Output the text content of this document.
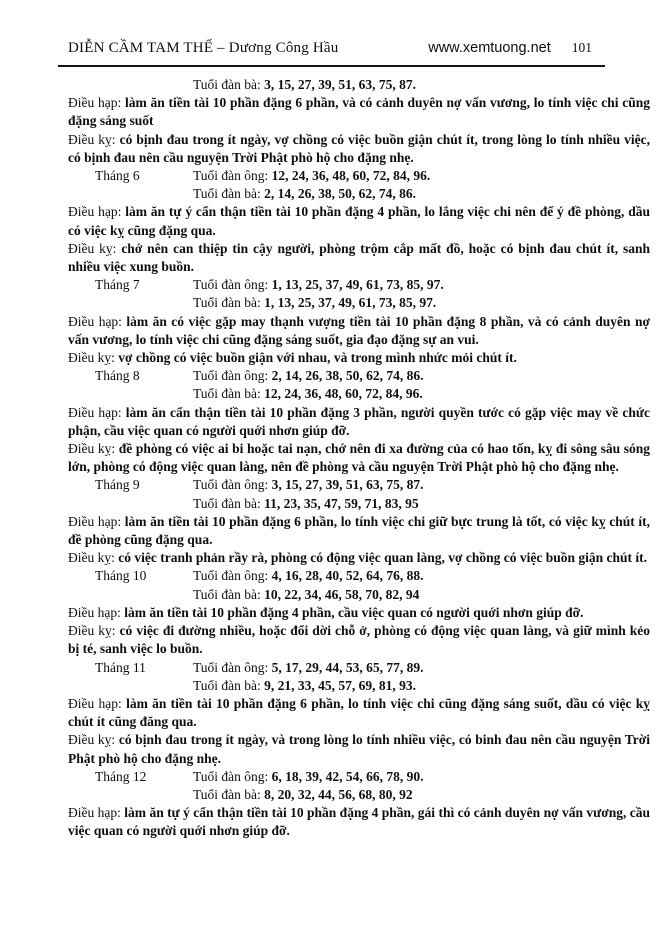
DIỄN CẦM TAM THẾ – Dương Công Hầu	www.xemtuong.net 101
Tuổi đàn bà: 3, 15, 27, 39, 51, 63, 75, 87.

Điều hạp: làm ăn tiền tài 10 phần đặng 6 phần, và có cảnh duyên nợ vấn vương, lo tính việc chi cũng đặng sáng suốt

Điều kỵ: có bịnh đau trong ít ngày, vợ chồng có việc buồn giận chút ít, trong lòng lo tính nhiều việc, có bịnh đau nên cầu nguyện Trời Phật phò hộ cho đặng nhẹ.

Tháng 6	Tuổi đàn ông: 12, 24, 36, 48, 60, 72, 84, 96.
Tuổi đàn bà: 2, 14, 26, 38, 50, 62, 74, 86.

Điều hạp: làm ăn tự ý cẩn thận tiền tài 10 phần đặng 4 phần, lo lắng việc chi nên để ý đề phòng, dầu có việc kỵ cũng đặng qua.

Điều kỵ: chớ nên can thiệp tin cậy người, phòng trộm cắp mất đồ, hoặc có bịnh đau chút ít, sanh nhiều việc xung buồn.

Tháng 7	Tuổi đàn ông: 1, 13, 25, 37, 49, 61, 73, 85, 97.
Tuổi đàn bà: 1, 13, 25, 37, 49, 61, 73, 85, 97.

Điều hạp: làm ăn có việc gặp may thạnh vượng tiền tài 10 phần đặng 8 phần, và có cảnh duyên nợ vấn vương, lo tính việc chi cũng đặng sáng suốt, gia đạo đặng sự an vui.

Điều kỵ: vợ chồng có việc buồn giận với nhau, và trong mình nhức mỏi chút ít.

Tháng 8	Tuổi đàn ông: 2, 14, 26, 38, 50, 62, 74, 86.
Tuổi đàn bà: 12, 24, 36, 48, 60, 72, 84, 96.

Điều hạp: làm ăn cẩn thận tiền tài 10 phần đặng 3 phần, người quyền tước có gặp việc may về chức phận, cầu việc quan có người quới nhơn giúp đỡ.

Điều kỵ: đề phòng có việc ai bi hoặc tai nạn, chớ nên đi xa đường của có hao tốn, kỵ đi sông sâu sóng lớn, phòng có động việc quan làng, nên đề phòng và cầu nguyện Trời Phật phò hộ cho đặng nhẹ.

Tháng 9	Tuổi đàn ông: 3, 15, 27, 39, 51, 63, 75, 87.
Tuổi đàn bà: 11, 23, 35, 47, 59, 71, 83, 95

Điều hạp: làm ăn tiền tài 10 phần đặng 6 phần, lo tính việc chi giữ bực trung là tốt, có việc kỵ chút ít, đề phòng cũng đặng qua.

Điều kỵ: có việc tranh phản rầy rà, phòng có động việc quan làng, vợ chồng có việc buồn giận chút ít.

Tháng 10	Tuổi đàn ông: 4, 16, 28, 40, 52, 64, 76, 88.
Tuổi đàn bà: 10, 22, 34, 46, 58, 70, 82, 94

Điều hạp: làm ăn tiền tài 10 phần đặng 4 phần, cầu việc quan có người quới nhơn giúp đỡ.

Điều kỵ: có việc đi đường nhiều, hoặc đổi dời chỗ ở, phòng có động việc quan làng, và giữ mình kẻo bị té, sanh việc lo buồn.

Tháng 11	Tuổi đàn ông: 5, 17, 29, 44, 53, 65, 77, 89.
Tuổi đàn bà: 9, 21, 33, 45, 57, 69, 81, 93.

Điều hạp: làm ăn tiền tài 10 phần đặng 6 phần, lo tính việc chi cũng đặng sáng suốt, dầu có việc kỵ chút ít cũng đăng qua.

Điều kỵ: có bịnh đau trong ít ngày, và trong lòng lo tính nhiều việc, có binh đau nên cầu nguyện Trời Phật phò hộ cho đặng nhẹ.

Tháng 12	Tuổi đàn ông: 6, 18, 39, 42, 54, 66, 78, 90.
Tuổi đàn bà: 8, 20, 32, 44, 56, 68, 80, 92

Điều hạp: làm ăn tự ý cẩn thận tiền tài 10 phần đặng 4 phần, gái thì có cảnh duyên nợ vấn vương, cầu việc quan có người quới nhơn giúp đỡ.
